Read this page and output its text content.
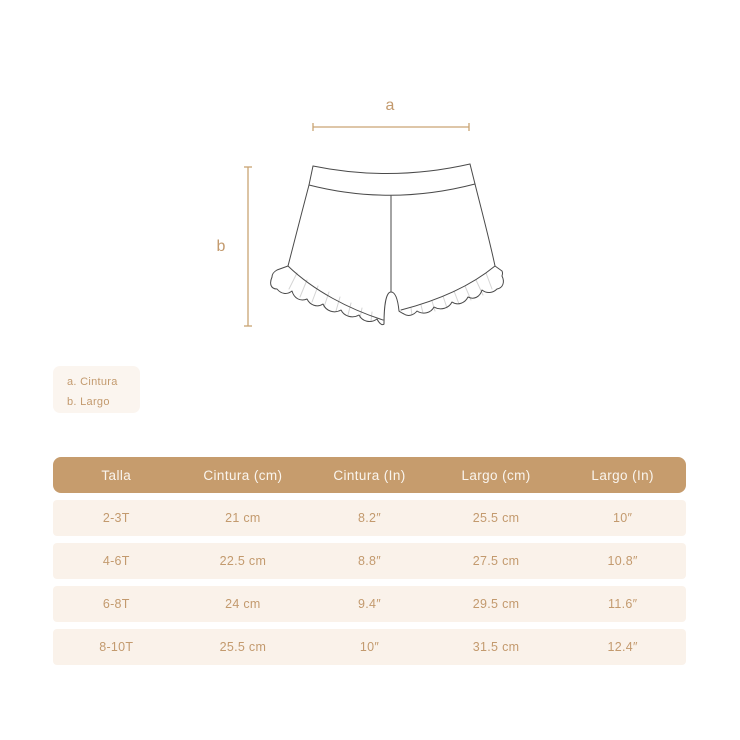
a
b
a. Cintura
b. Largo
Talla	Cintura (cm)	Cintura (In)	Largo (cm)	Largo (In)
2-3T	21 cm	8.2″	25.5 cm	10″
4-6T	22.5 cm	8.8″	27.5 cm	10.8″
6-8T	24 cm	9.4″	29.5 cm	11.6″
8-10T	25.5 cm	10″	31.5 cm	12.4″
